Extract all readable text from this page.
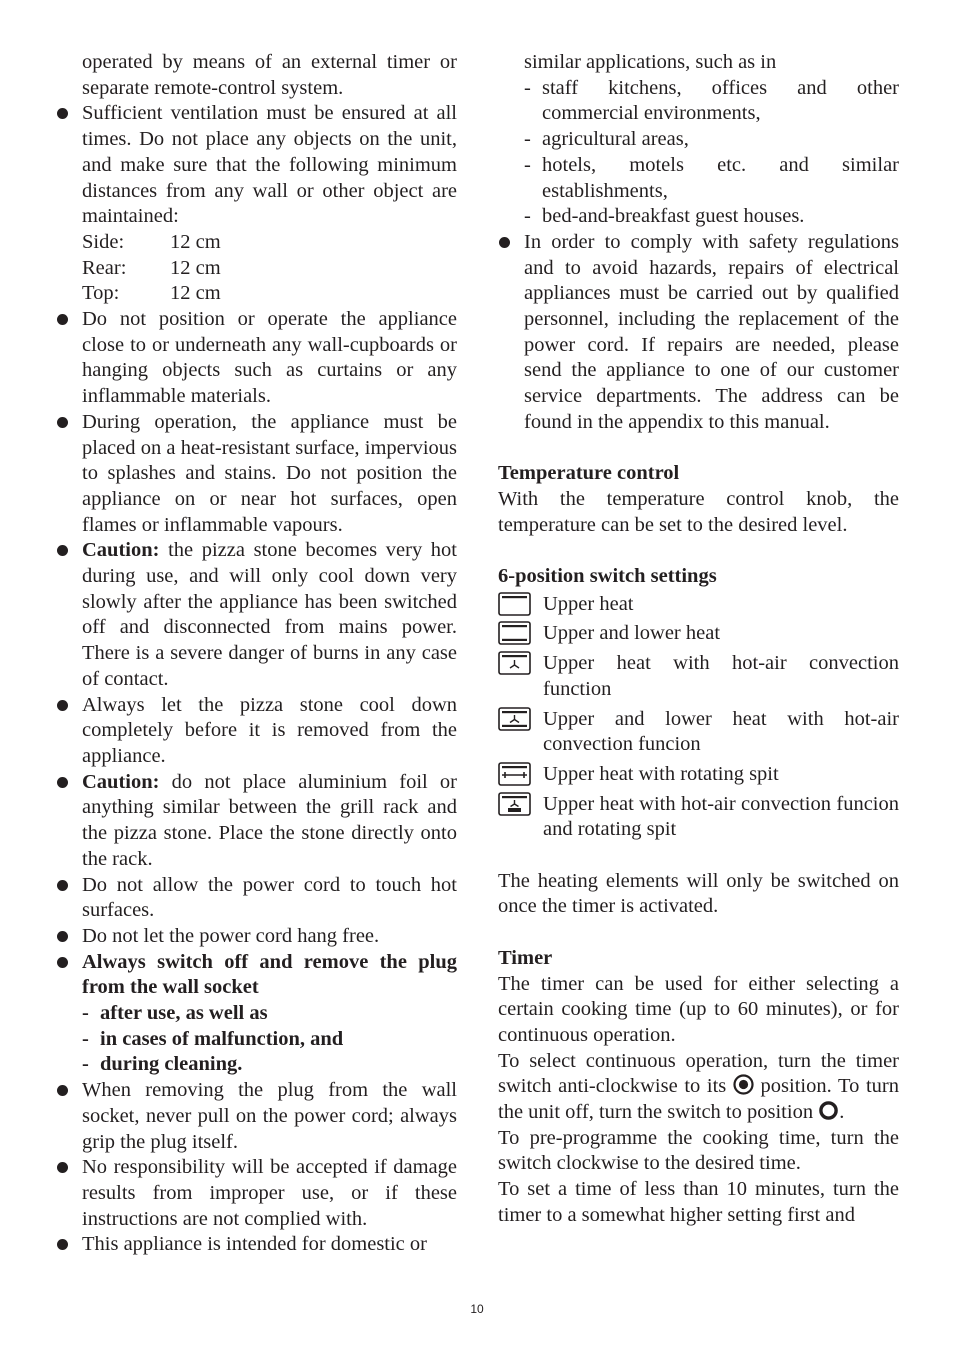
operated by means of an external timer or separate remote-control system.
Sufficient ventilation must be ensured at all times. Do not place any objects on the unit, and make sure that the following minimum distances from any wall or other object are maintained:
Side: 12 cm
Rear: 12 cm
Top: 12 cm
Do not position or operate the appliance close to or underneath any wall-cupboards or hanging objects such as curtains or any inflammable materials.
During operation, the appliance must be placed on a heat-resistant surface, impervious to splashes and stains. Do not position the appliance on or near hot surfaces, open flames or inflammable vapours.
Caution: the pizza stone becomes very hot during use, and will only cool down very slowly after the appliance has been switched off and disconnected from mains power. There is a severe danger of burns in any case of contact.
Always let the pizza stone cool down completely before it is removed from the appliance.
Caution: do not place aluminium foil or anything similar between the grill rack and the pizza stone. Place the stone directly onto the rack.
Do not allow the power cord to touch hot surfaces.
Do not let the power cord hang free.
Always switch off and remove the plug from the wall socket
- after use, as well as
- in cases of malfunction, and
- during cleaning.
When removing the plug from the wall socket, never pull on the power cord; always grip the plug itself.
No responsibility will be accepted if damage results from improper use, or if these instructions are not complied with.
This appliance is intended for domestic or
similar applications, such as in
- staff kitchens, offices and other commercial environments,
- agricultural areas,
- hotels, motels etc. and similar establishments,
- bed-and-breakfast guest houses.
In order to comply with safety regulations and to avoid hazards, repairs of electrical appliances must be carried out by qualified personnel, including the replacement of the power cord. If repairs are needed, please send the appliance to one of our customer service departments. The address can be found in the appendix to this manual.
Temperature control
With the temperature control knob, the temperature can be set to the desired level.
6-position switch settings
Upper heat
Upper and lower heat
Upper heat with hot-air convection function
Upper and lower heat with hot-air convection funcion
Upper heat with rotating spit
Upper heat with hot-air convection funcion and rotating spit
The heating elements will only be switched on once the timer is activated.
Timer
The timer can be used for either selecting a certain cooking time (up to 60 minutes), or for continuous operation.
To select continuous operation, turn the timer switch anti-clockwise to its  position. To turn the unit off, turn the switch to position .
To pre-programme the cooking time, turn the switch clockwise to the desired time.
To set a time of less than 10 minutes, turn the timer to a somewhat higher setting first and
10
